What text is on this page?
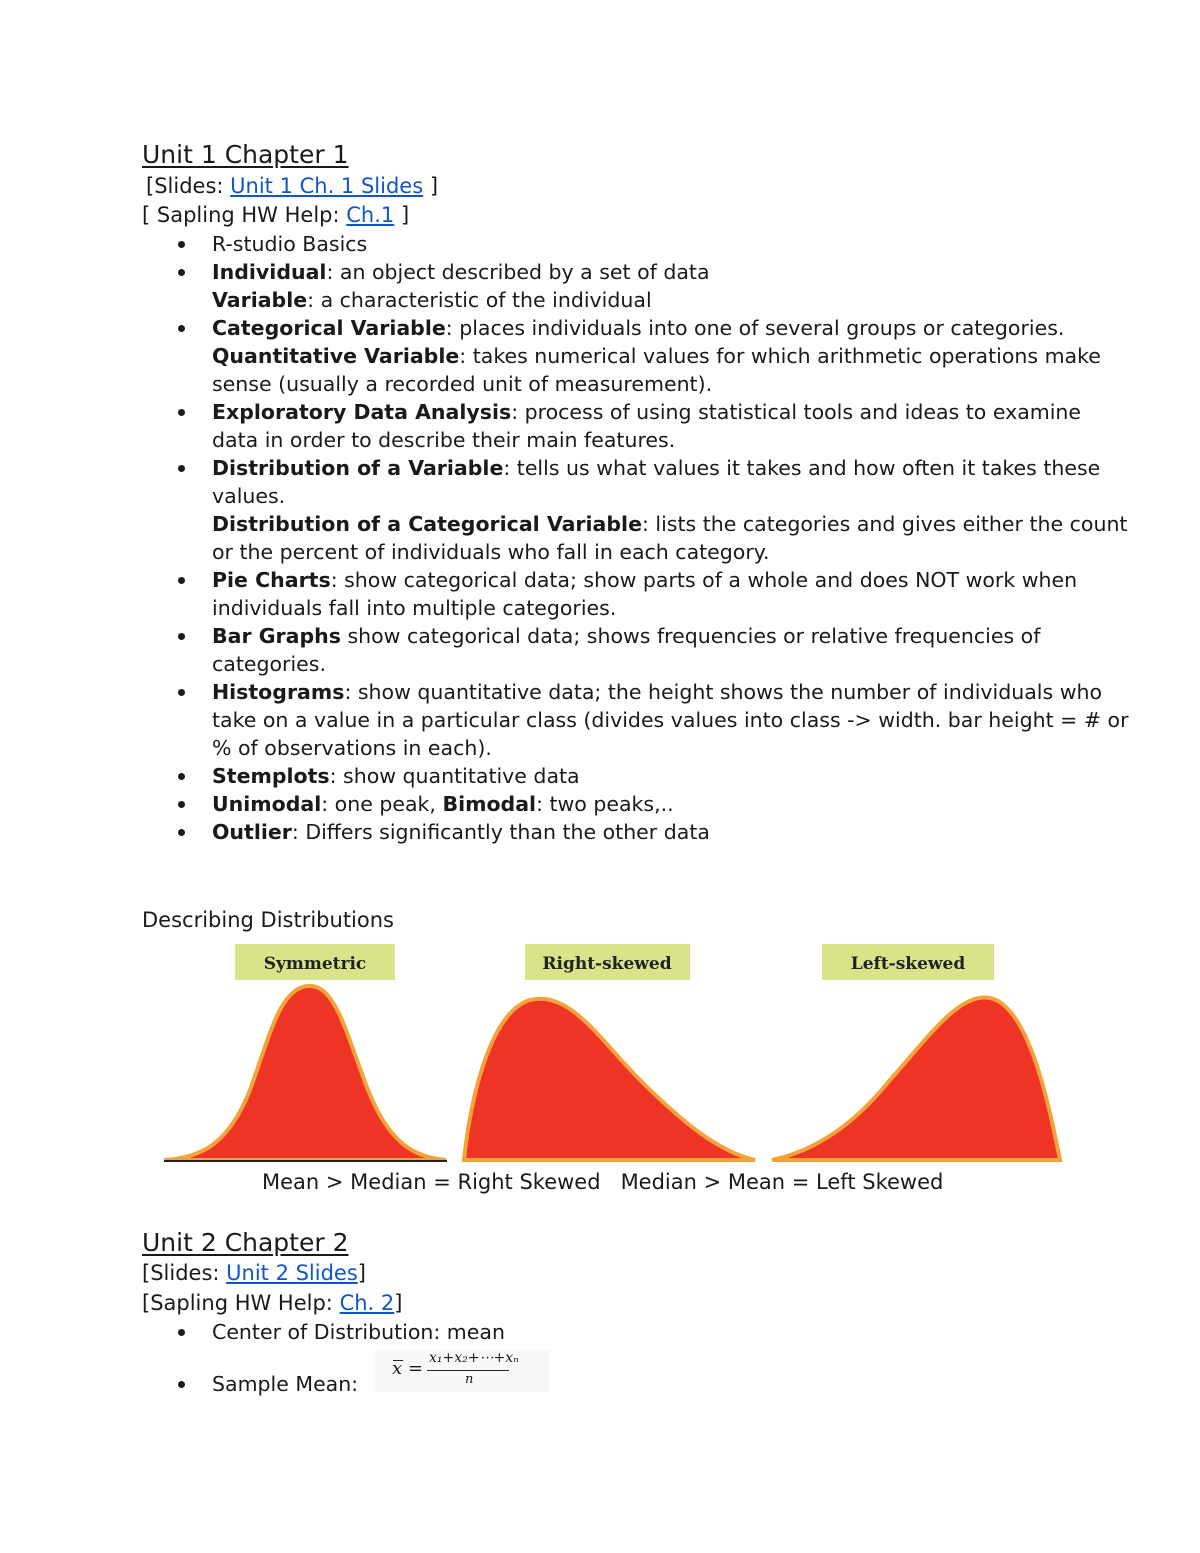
Unit 1 Chapter 1

[Slides: Unit 1 Ch. 1 Slides ]

[ Sapling HW Help: Ch.1 ]

R-studio Basics
Individual: an object described by a set of data
Variable: a characteristic of the individual
Categorical Variable: places individuals into one of several groups or categories.
Quantitative Variable: takes numerical values for which arithmetic operations make sense (usually a recorded unit of measurement).
Exploratory Data Analysis: process of using statistical tools and ideas to examine data in order to describe their main features.
Distribution of a Variable: tells us what values it takes and how often it takes these values.
Distribution of a Categorical Variable: lists the categories and gives either the count or the percent of individuals who fall in each category.
Pie Charts: show categorical data; show parts of a whole and does NOT work when individuals fall into multiple categories.
Bar Graphs show categorical data; shows frequencies or relative frequencies of categories.
Histograms: show quantitative data; the height shows the number of individuals who take on a value in a particular class (divides values into class -> width. bar height = # or % of observations in each).
Stemplots: show quantitative data
Unimodal: one peak, Bimodal: two peaks,..
Outlier: Differs significantly than the other data

Describing Distributions

Symmetric	Right-skewed	Left-skewed
Mean > Median = Right Skewed Median > Mean = Left Skewed
Unit 2 Chapter 2

[Slides: Unit 2 Slides]

[Sapling HW Help: Ch. 2]

Center of Distribution: mean
Sample Mean:
x = x₁+x₂+⋯+xₙ
n
